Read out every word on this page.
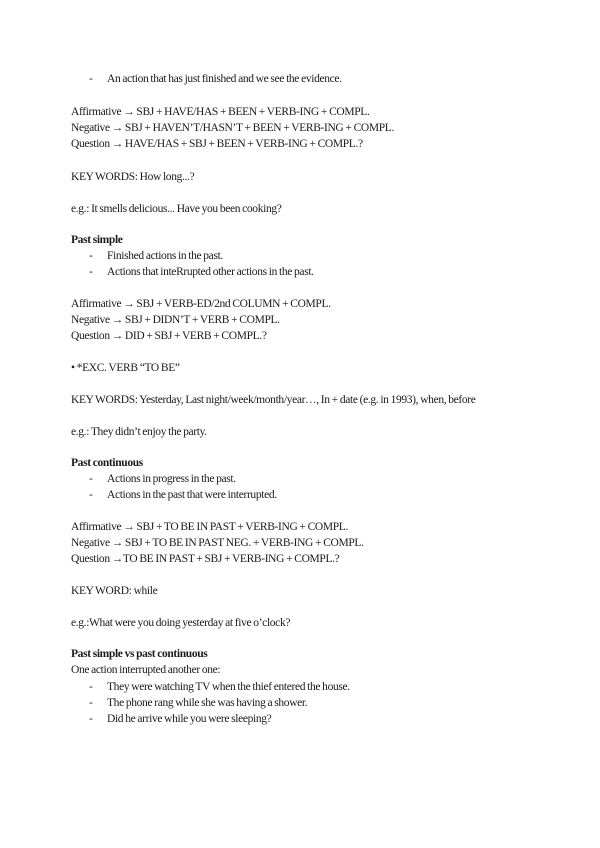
- An action that has just finished and we see the evidence.
Affirmative → SBJ + HAVE/HAS + BEEN + VERB-ING + COMPL.
Negative → SBJ + HAVEN’T/HASN’T + BEEN + VERB-ING + COMPL.
Question → HAVE/HAS + SBJ + BEEN + VERB-ING + COMPL.?
KEY WORDS: How long...?
e.g.: It smells delicious... Have you been cooking?
Past simple
- Finished actions in the past.
- Actions that inteRrupted other actions in the past.
Affirmative → SBJ + VERB-ED/2nd COLUMN + COMPL.
Negative → SBJ + DIDN’T + VERB + COMPL.
Question → DID + SBJ + VERB + COMPL.?
• *EXC. VERB “TO BE”
KEY WORDS: Yesterday, Last night/week/month/year…, In + date (e.g. in 1993), when, before
e.g.: They didn’t enjoy the party.
Past continuous
- Actions in progress in the past.
- Actions in the past that were interrupted.
Affirmative → SBJ + TO BE IN PAST + VERB-ING + COMPL.
Negative → SBJ + TO BE IN PAST NEG. + VERB-ING + COMPL.
Question →TO BE IN PAST + SBJ + VERB-ING + COMPL.?
KEY WORD: while
e.g.:What were you doing yesterday at five o’clock?
Past simple vs past continuous
One action interrupted another one:
- They were watching TV when the thief entered the house.
- The phone rang while she was having a shower.
- Did he arrive while you were sleeping?
